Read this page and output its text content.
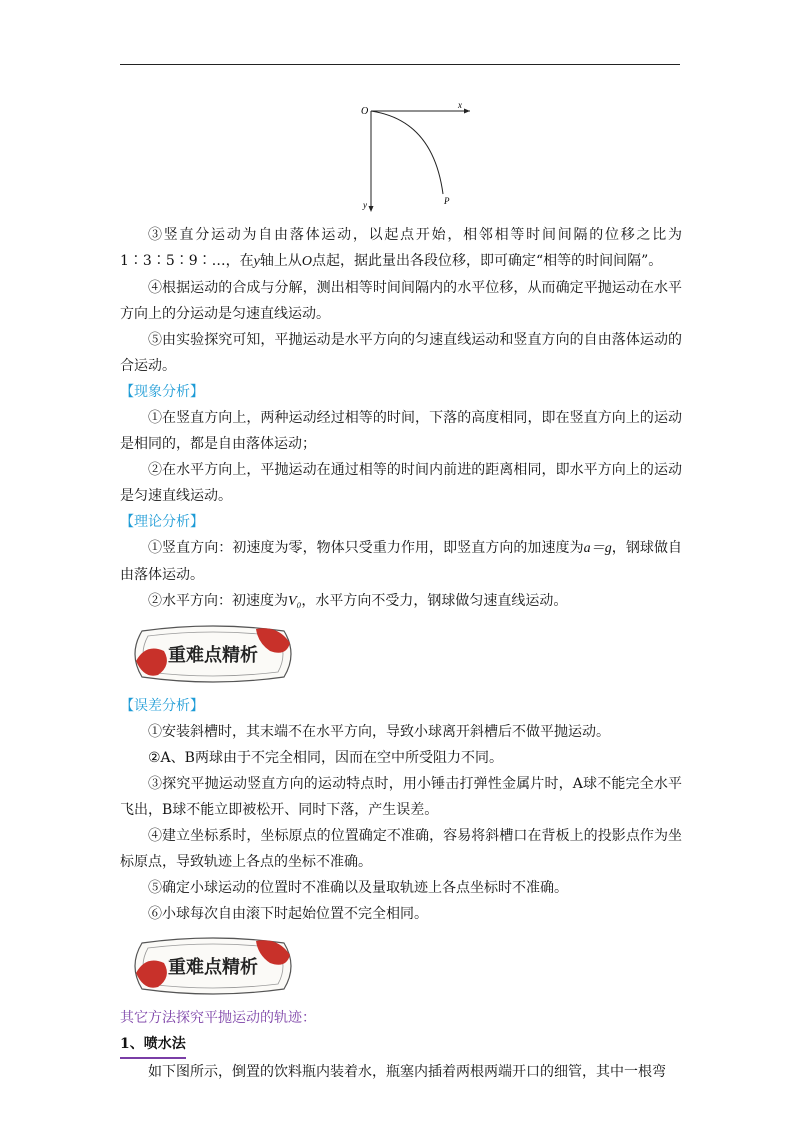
O
x
y	P

③竖直分运动为自由落体运动，以起点开始，相邻相等时间间隔的位移之比为1∶3∶5∶9∶…，在y轴上从O点起，据此量出各段位移，即可确定“相等的时间间隔”。

④根据运动的合成与分解，测出相等时间间隔内的水平位移，从而确定平抛运动在水平方向上的分运动是匀速直线运动。

⑤由实验探究可知，平抛运动是水平方向的匀速直线运动和竖直方向的自由落体运动的合运动。

【现象分析】

①在竖直方向上，两种运动经过相等的时间，下落的高度相同，即在竖直方向上的运动是相同的，都是自由落体运动；

②在水平方向上，平抛运动在通过相等的时间内前进的距离相同，即水平方向上的运动是匀速直线运动。

【理论分析】

①竖直方向：初速度为零，物体只受重力作用，即竖直方向的加速度为a＝g，钢球做自由落体运动。

②水平方向：初速度为V₀，水平方向不受力，钢球做匀速直线运动。

重难点精析

【误差分析】

①安装斜槽时，其末端不在水平方向，导致小球离开斜槽后不做平抛运动。

②A、B两球由于不完全相同，因而在空中所受阻力不同。

③探究平抛运动竖直方向的运动特点时，用小锤击打弹性金属片时，A球不能完全水平飞出，B球不能立即被松开、同时下落，产生误差。

④建立坐标系时，坐标原点的位置确定不准确，容易将斜槽口在背板上的投影点作为坐标原点，导致轨迹上各点的坐标不准确。

⑤确定小球运动的位置时不准确以及量取轨迹上各点坐标时不准确。

⑥小球每次自由滚下时起始位置不完全相同。

重难点精析

其它方法探究平抛运动的轨迹：

1、喷水法

如下图所示，倒置的饮料瓶内装着水，瓶塞内插着两根两端开口的细管，其中一根弯
